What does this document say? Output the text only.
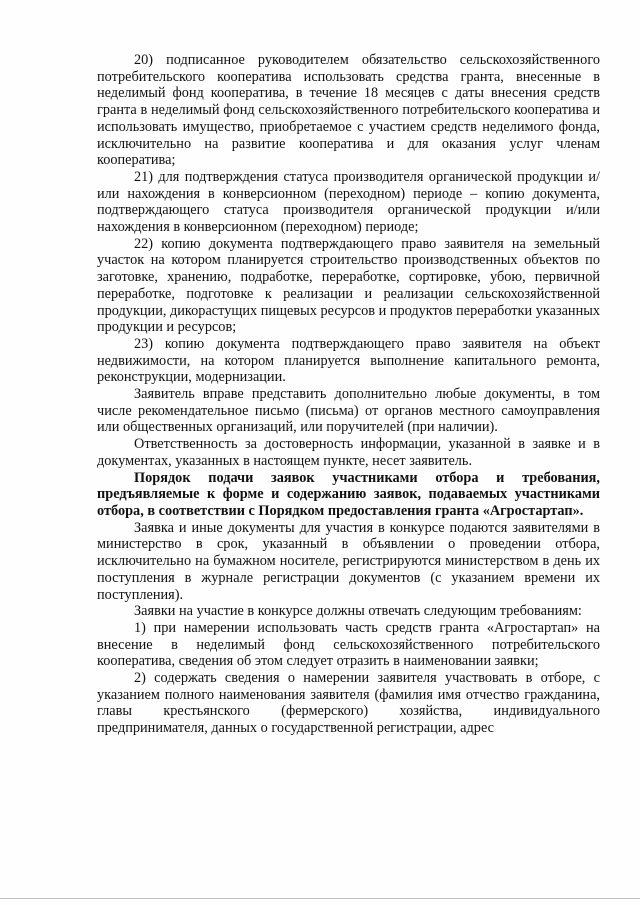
20) подписанное руководителем обязательство сельскохозяйственного потребительского кооператива использовать средства гранта, внесенные в неделимый фонд кооператива, в течение 18 месяцев с даты внесения средств гранта в неделимый фонд сельскохозяйственного потребительского кооператива и использовать имущество, приобретаемое с участием средств неделимого фонда, исключительно на развитие кооператива и для оказания услуг членам кооператива;

21) для подтверждения статуса производителя органической продукции и/или нахождения в конверсионном (переходном) периоде – копию документа, подтверждающего статуса производителя органической продукции и/или нахождения в конверсионном (переходном) периоде;

22) копию документа подтверждающего право заявителя на земельный участок на котором планируется строительство производственных объектов по заготовке, хранению, подработке, переработке, сортировке, убою, первичной переработке, подготовке к реализации и реализации сельскохозяйственной продукции, дикорастущих пищевых ресурсов и продуктов переработки указанных продукции и ресурсов;

23) копию документа подтверждающего право заявителя на объект недвижимости, на котором планируется выполнение капитального ремонта, реконструкции, модернизации.

Заявитель вправе представить дополнительно любые документы, в том числе рекомендательное письмо (письма) от органов местного самоуправления или общественных организаций, или поручителей (при наличии).

Ответственность за достоверность информации, указанной в заявке и в документах, указанных в настоящем пункте, несет заявитель.

Порядок подачи заявок участниками отбора и требования, предъявляемые к форме и содержанию заявок, подаваемых участниками отбора, в соответствии с Порядком предоставления гранта «Агростартап».

Заявка и иные документы для участия в конкурсе подаются заявителями в министерство в срок, указанный в объявлении о проведении отбора, исключительно на бумажном носителе, регистрируются министерством в день их поступления в журнале регистрации документов (с указанием времени их поступления).

Заявки на участие в конкурсе должны отвечать следующим требованиям:

1) при намерении использовать часть средств гранта «Агростартап» на внесение в неделимый фонд сельскохозяйственного потребительского кооператива, сведения об этом следует отразить в наименовании заявки;

2) содержать сведения о намерении заявителя участвовать в отборе, с указанием полного наименования заявителя (фамилия имя отчество гражданина, главы крестьянского (фермерского) хозяйства, индивидуального предпринимателя, данных о государственной регистрации, адрес
